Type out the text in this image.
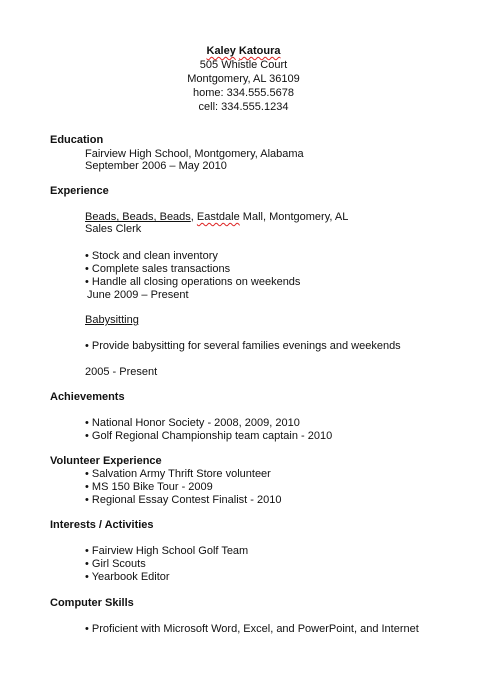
Kaley Katoura
505 Whistle Court
Montgomery, AL 36109
home: 334.555.5678
cell: 334.555.1234
Education
Fairview High School, Montgomery, Alabama
September 2006 – May 2010
Experience
Beads, Beads, Beads, Eastdale Mall, Montgomery, AL
Sales Clerk
• Stock and clean inventory
• Complete sales transactions
• Handle all closing operations on weekends
June 2009 – Present
Babysitting
• Provide babysitting for several families evenings and weekends
2005 - Present
Achievements
• National Honor Society - 2008, 2009, 2010
• Golf Regional Championship team captain - 2010
Volunteer Experience
• Salvation Army Thrift Store volunteer
• MS 150 Bike Tour - 2009
• Regional Essay Contest Finalist - 2010
Interests / Activities
• Fairview High School Golf Team
• Girl Scouts
• Yearbook Editor
Computer Skills
• Proficient with Microsoft Word, Excel, and PowerPoint, and Internet
